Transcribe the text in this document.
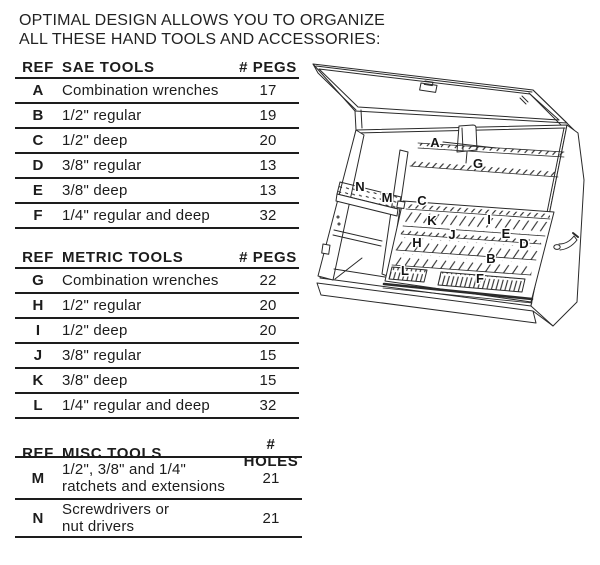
OPTIMAL DESIGN ALLOWS YOU TO ORGANIZE
ALL THESE HAND TOOLS AND ACCESSORIES:
REF SAE TOOLS	# PEGS
A	Combination wrenches	17
B	1/2" regular	19
C	1/2" deep	20
D	3/8" regular	13
E	3/8" deep	13
F	1/4" regular and deep	32
REF METRIC TOOLS	# PEGS
G	Combination wrenches	22
H	1/2" regular	20
I	1/2" deep	20
J	3/8" regular	15
K	3/8" deep	15
L	1/4" regular and deep	32
REF MISC TOOLS	# HOLES
M	1/2", 3/8" and 1/4"
ratchets and extensions	21
N	Screwdrivers or
nut drivers	21
A
G
N
M C
K	I
J	E
H	D
B
L
F
